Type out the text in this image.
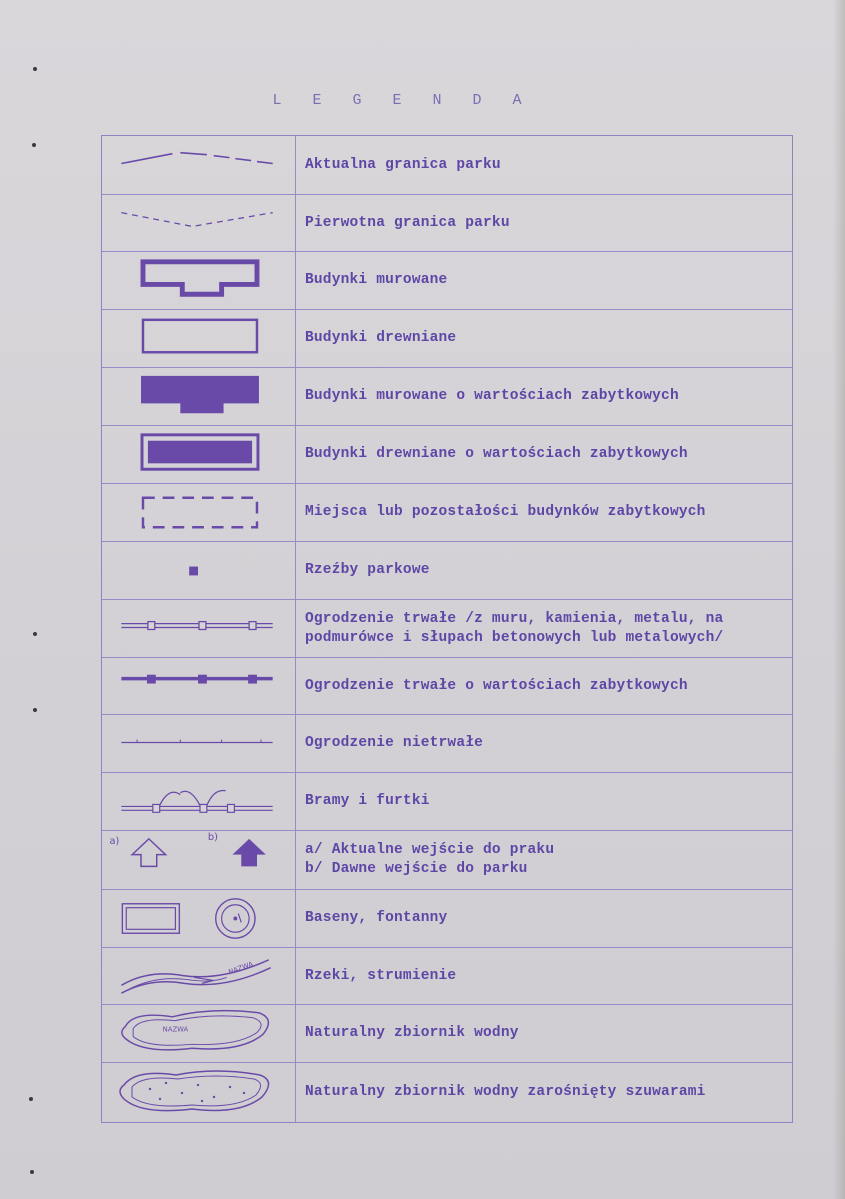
L E G E N D A
Aktualna granica parku
Pierwotna granica parku
Budynki murowane
Budynki drewniane
Budynki murowane o wartościach zabytkowych
Budynki drewniane o wartościach zabytkowych
Miejsca lub pozostałości budynków zabytkowych
Rzeźby parkowe
Ogrodzenie trwałe /z muru, kamienia, metalu, na
podmurówce i słupach betonowych lub metalowych/
Ogrodzenie trwałe o wartościach zabytkowych
Ogrodzenie nietrwałe
Bramy i furtki
a)	b)
a/ Aktualne wejście do praku
b/ Dawne wejście do parku
Baseny, fontanny
NAZWA	Rzeki, strumienie
NAZWA	Naturalny zbiornik wodny
Naturalny zbiornik wodny zarośnięty szuwarami
